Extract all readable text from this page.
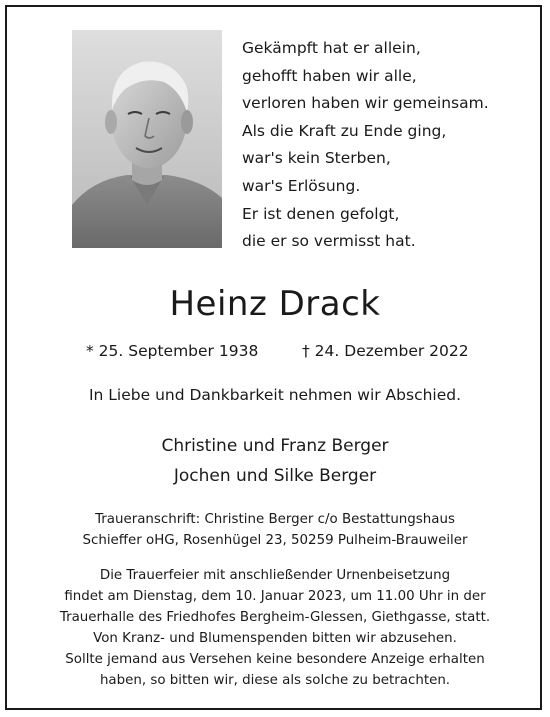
Gekämpft hat er allein,
gehofft haben wir alle,
verloren haben wir gemeinsam.
Als die Kraft zu Ende ging,
war's kein Sterben,
war's Erlösung.
Er ist denen gefolgt,
die er so vermisst hat.
Heinz Drack
* 25. September 1938	† 24. Dezember 2022
In Liebe und Dankbarkeit nehmen wir Abschied.
Christine und Franz Berger
Jochen und Silke Berger
Traueranschrift: Christine Berger c/o Bestattungshaus
Schieffer oHG, Rosenhügel 23, 50259 Pulheim-Brauweiler
Die Trauerfeier mit anschließender Urnenbeisetzung
findet am Dienstag, dem 10. Januar 2023, um 11.00 Uhr in der
Trauerhalle des Friedhofes Bergheim-Glessen, Giethgasse, statt.
Von Kranz- und Blumenspenden bitten wir abzusehen.
Sollte jemand aus Versehen keine besondere Anzeige erhalten
haben, so bitten wir, diese als solche zu betrachten.
